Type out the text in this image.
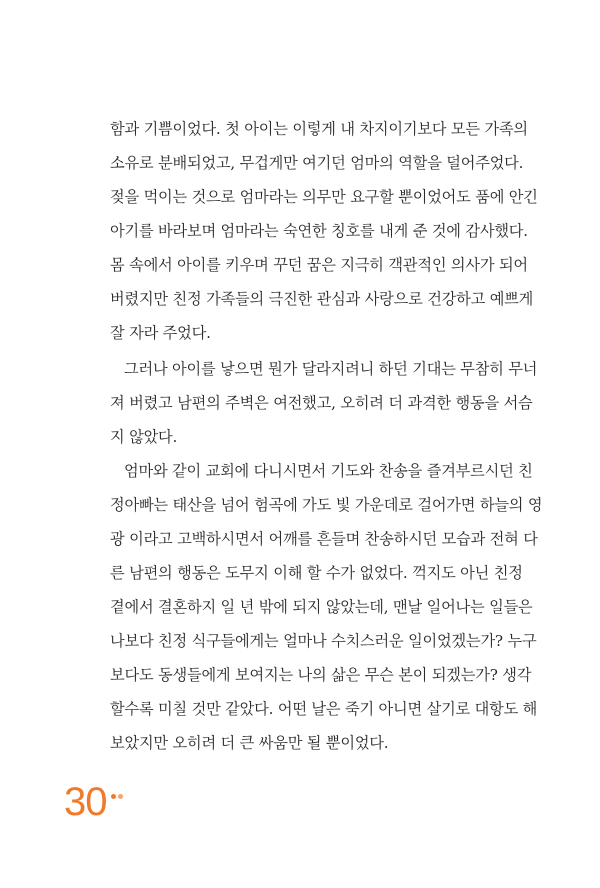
함과 기쁨이었다. 첫 아이는 이렇게 내 차지이기보다 모든 가족의
소유로 분배되었고, 무겁게만 여기던 엄마의 역할을 덜어주었다.
젖을 먹이는 것으로 엄마라는 의무만 요구할 뿐이었어도 품에 안긴
아기를 바라보며 엄마라는 숙연한 칭호를 내게 준 것에 감사했다.
몸 속에서 아이를 키우며 꾸던 꿈은 지극히 객관적인 의사가 되어
버렸지만 친정 가족들의 극진한 관심과 사랑으로 건강하고 예쁘게
잘 자라 주었다.
그러나 아이를 낳으면 뭔가 달라지려니 하던 기대는 무참히 무너
져 버렸고 남편의 주벽은 여전했고, 오히려 더 과격한 행동을 서슴
지 않았다.
엄마와 같이 교회에 다니시면서 기도와 찬송을 즐겨부르시던 친
정아빠는 태산을 넘어 험곡에 가도 빛 가운데로 걸어가면 하늘의 영
광 이라고 고백하시면서 어깨를 흔들며 찬송하시던 모습과 전혀 다
른 남편의 행동은 도무지 이해 할 수가 없었다. 꺽지도 아닌 친정
곁에서 결혼하지 일 년 밖에 되지 않았는데, 맨날 일어나는 일들은
나보다 친정 식구들에게는 얼마나 수치스러운 일이었겠는가? 누구
보다도 동생들에게 보여지는 나의 삶은 무슨 본이 되겠는가? 생각
할수록 미칠 것만 같았다. 어떤 날은 죽기 아니면 살기로 대항도 해
보았지만 오히려 더 큰 싸움만 될 뿐이었다.
30
